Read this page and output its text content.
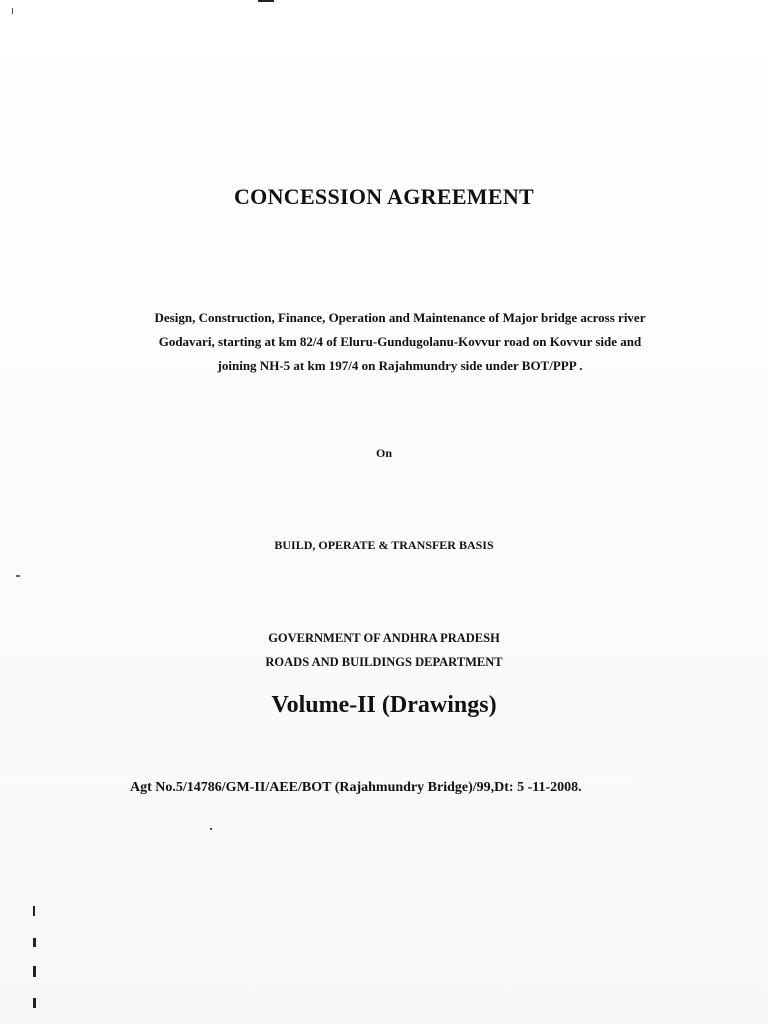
CONCESSION AGREEMENT
Design, Construction, Finance, Operation and Maintenance of Major bridge across river
Godavari, starting at km 82/4 of Eluru-Gundugolanu-Kovvur road on Kovvur side and
joining NH-5 at km 197/4 on Rajahmundry side under BOT/PPP .
On
BUILD, OPERATE & TRANSFER BASIS
GOVERNMENT OF ANDHRA PRADESH
ROADS AND BUILDINGS DEPARTMENT
Volume-II (Drawings)
Agt No.5/14786/GM-II/AEE/BOT (Rajahmundry Bridge)/99,Dt: 5 -11-2008.
